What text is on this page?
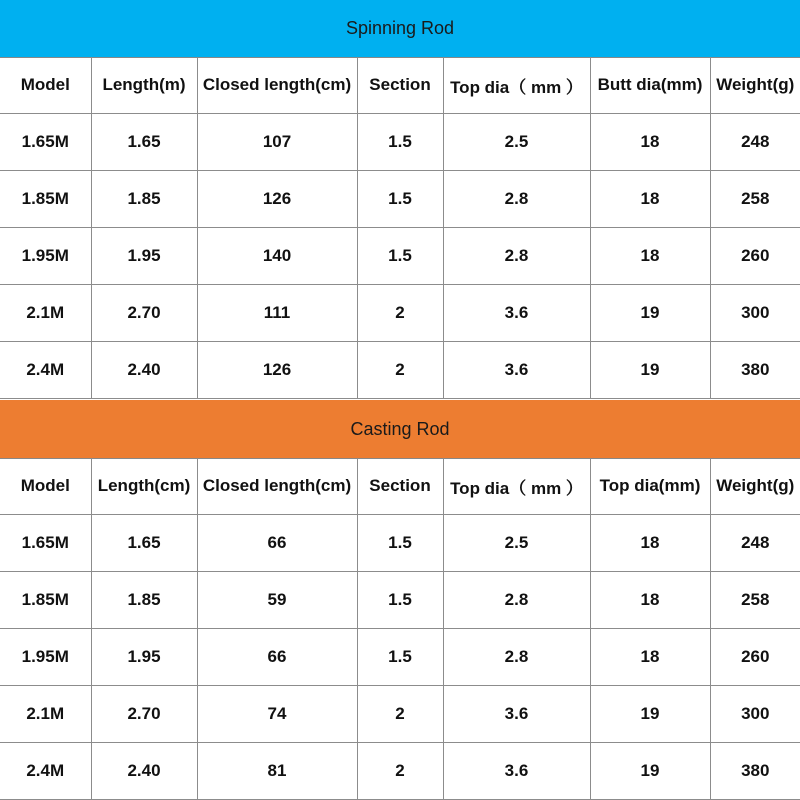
Spinning Rod
Model	Length(m)	Closed length(cm)	Section	Top dia（ mm ）	Butt dia(mm)	Weight(g)
1.65M	1.65	107	1.5	2.5	18	248
1.85M	1.85	126	1.5	2.8	18	258
1.95M	1.95	140	1.5	2.8	18	260
2.1M	2.70	111	2	3.6	19	300
2.4M	2.40	126	2	3.6	19	380
Casting Rod
Model	Length(cm)	Closed length(cm)	Section	Top dia（ mm ）	Top dia(mm)	Weight(g)
1.65M	1.65	66	1.5	2.5	18	248
1.85M	1.85	59	1.5	2.8	18	258
1.95M	1.95	66	1.5	2.8	18	260
2.1M	2.70	74	2	3.6	19	300
2.4M	2.40	81	2	3.6	19	380
